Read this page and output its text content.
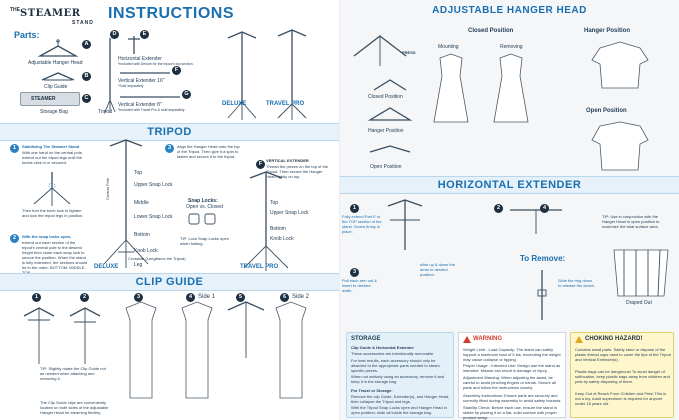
THE STEAMER
STAND
INSTRUCTIONS
Parts:
A
Adjustable Hanger Head
B
Clip Guide
STEAMER	C
Storage Bag
D
Tripod
E
Horizontal Extender
*Included with Deluxe for the tripod's top section.
F
Vertical Extender 16"
*Sold separately
G
Vertical Extender 8"
*Included with Travel Pro & sold separately
DELUXE	TRAVEL PRO
TRIPOD
1	Stabilizing The Steamer Stand
With one hand on the central pole, extend out the tripod legs until the knobs click in or secured.
Then turn the knob lock to tighten and lock the tripod legs in position.
2	With the snap locks open,
extend out each section of the tripod's central pole to the desired height then close each snap lock to secure the position. When the stand is fully extended, the sections should be in the order: BOTTOM, MIDDLE,
Central Pole
Top
Upper Snap Lock
Middle
Lower Snap Lock
Bottom
Knob Lock
Crossbar (Lengthens the Tripod)
Leg
DELUXE
3	Align the Hanger Head onto the top of the Tripod. Then give it a spin to fasten and secure it to the tripod.
Snap Locks:
Open vs. Closed
TIP: Lock Snap Locks open when folding.
F
VERTICAL EXTENDER
Thread the pieces on the top of the Tripod. Then secure the Hanger Head tightly on top.
Top
Upper Snap Lock
Bottom
Knob Lock
TRAVEL PRO
CLIP GUIDE
1	2	3	4 Side 1	5	6 Side 2
TIP: Slightly rotate the Clip Guide not as needed when attaching and removing it.
The Clip Guide clips are conveniently located on both sides of the adjustable Hanger Head for steaming flexibly.
ADJUSTABLE HANGER HEAD
Closed Position
Hanger Position
Open Position
Closed Position
Mounting	Removing
PRESS
Hanger Position
Open Position
HORIZONTAL EXTENDER
1
Fully extend Part E to the TOP section of the stand. Screw firmly in place.
2
3
Pull each arm out & insert to desired width.
slide up & down the arms to desired position.
4
TIP: Use in conjunction with the Hanger Head in open position to maximize the total surface area.
To Remove:
Slide the ring down to release the clutch.
Draped Out
STORAGE
Clip Guide & Horizontal Extender
These accessories are intentionally removable.
For best results, each accessory should only be attached to the appropriate parts needed to steam specific pieces.
When not actively using an accessory, remove it and keep it in the storage bag.
For Travel or Storage:
Remove the clip Guide, Extender(s), and Hanger Head, then collapse the Tripod and legs.
With the Tripod Snap Locks open and Hanger Head in open position, slide all inside the storage bag.
WARNING
Weight Limit - Load Capacity: The stand can safely support a maximum load of 5 lbs, exceeding the weight may cause collapse or tipping.
Proper Usage - Intended Use: Design use the stand as intended. Misuse can result in damage or injury.
Adjustment Warning: When adjusting the stand, be careful to avoid pinching fingers or hands. Secure all parts and follow the instructions closely.
Assembly Instructions: Ensure parts are securely and correctly fitted during assembly to avoid safety hazards.
Stability Check: Before each use, ensure the stand is stable by placing it on a flat, solid surface with proper product setup.
CHOKING HAZARD!
Contains small parts. Safely store or dispose of the plastic thread caps used to cover the tips of the Tripod and Vertical Extender(s).
Plastic bags can be dangerous! To avoid danger of suffocation, keep plastic bags away from children and pets by safely disposing of them.
Keep Out of Reach From Children and Pets! This is not a toy. Adult supervision is required for anyone under 15 years old.
